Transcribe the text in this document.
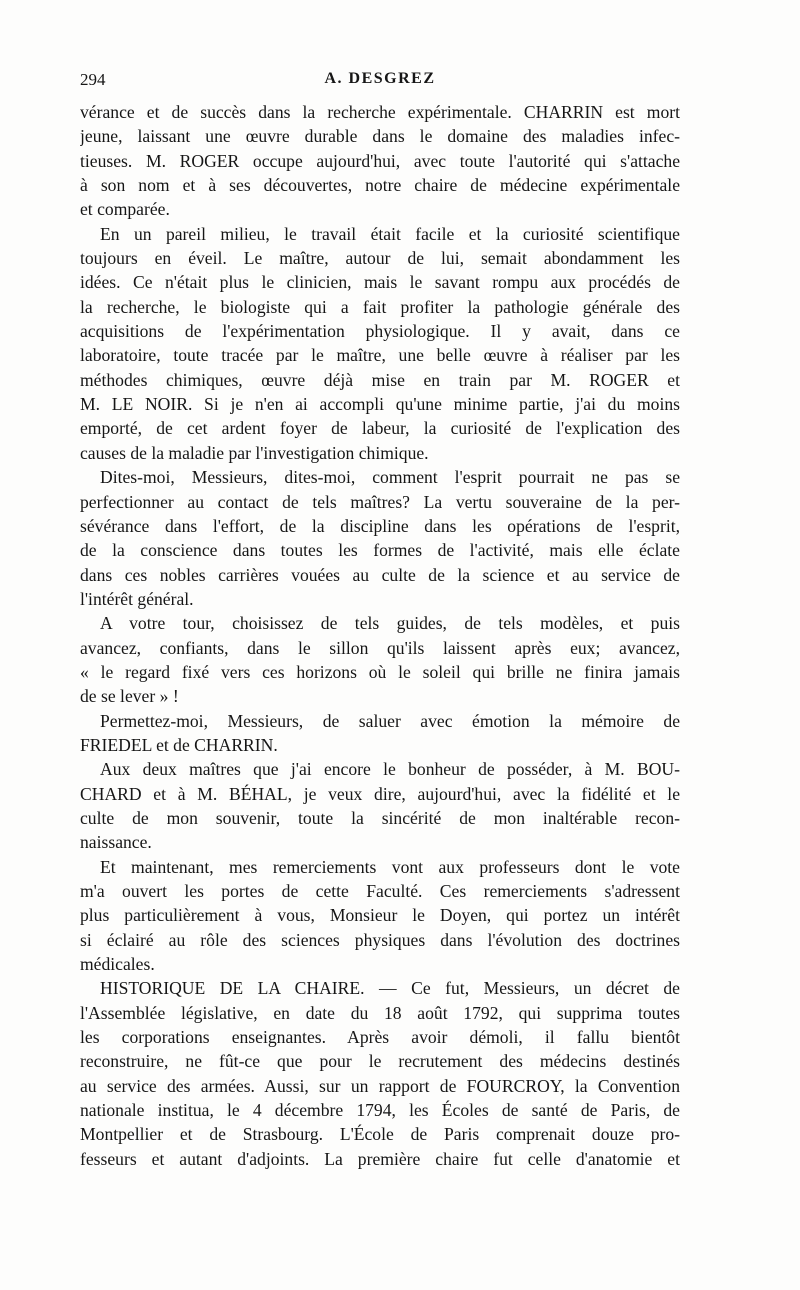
294	A. DESGREZ
vérance et de succès dans la recherche expérimentale. CHARRIN est mort
jeune, laissant une œuvre durable dans le domaine des maladies infec-
tieuses. M. ROGER occupe aujourd'hui, avec toute l'autorité qui s'attache
à son nom et à ses découvertes, notre chaire de médecine expérimentale
et comparée.
En un pareil milieu, le travail était facile et la curiosité scientifique
toujours en éveil. Le maître, autour de lui, semait abondamment les
idées. Ce n'était plus le clinicien, mais le savant rompu aux procédés de
la recherche, le biologiste qui a fait profiter la pathologie générale des
acquisitions de l'expérimentation physiologique. Il y avait, dans ce
laboratoire, toute tracée par le maître, une belle œuvre à réaliser par les
méthodes chimiques, œuvre déjà mise en train par M. ROGER et
M. LE NOIR. Si je n'en ai accompli qu'une minime partie, j'ai du moins
emporté, de cet ardent foyer de labeur, la curiosité de l'explication des
causes de la maladie par l'investigation chimique.
Dites-moi, Messieurs, dites-moi, comment l'esprit pourrait ne pas se
perfectionner au contact de tels maîtres? La vertu souveraine de la per-
sévérance dans l'effort, de la discipline dans les opérations de l'esprit,
de la conscience dans toutes les formes de l'activité, mais elle éclate
dans ces nobles carrières vouées au culte de la science et au service de
l'intérêt général.
A votre tour, choisissez de tels guides, de tels modèles, et puis
avancez, confiants, dans le sillon qu'ils laissent après eux; avancez,
« le regard fixé vers ces horizons où le soleil qui brille ne finira jamais
de se lever » !
Permettez-moi, Messieurs, de saluer avec émotion la mémoire de
FRIEDEL et de CHARRIN.
Aux deux maîtres que j'ai encore le bonheur de posséder, à M. BOU-
CHARD et à M. BÉHAL, je veux dire, aujourd'hui, avec la fidélité et le
culte de mon souvenir, toute la sincérité de mon inaltérable recon-
naissance.
Et maintenant, mes remerciements vont aux professeurs dont le vote
m'a ouvert les portes de cette Faculté. Ces remerciements s'adressent
plus particulièrement à vous, Monsieur le Doyen, qui portez un intérêt
si éclairé au rôle des sciences physiques dans l'évolution des doctrines
médicales.
HISTORIQUE DE LA CHAIRE. — Ce fut, Messieurs, un décret de
l'Assemblée législative, en date du 18 août 1792, qui supprima toutes
les corporations enseignantes. Après avoir démoli, il fallu bientôt
reconstruire, ne fût-ce que pour le recrutement des médecins destinés
au service des armées. Aussi, sur un rapport de FOURCROY, la Convention
nationale institua, le 4 décembre 1794, les Écoles de santé de Paris, de
Montpellier et de Strasbourg. L'École de Paris comprenait douze pro-
fesseurs et autant d'adjoints. La première chaire fut celle d'anatomie et
